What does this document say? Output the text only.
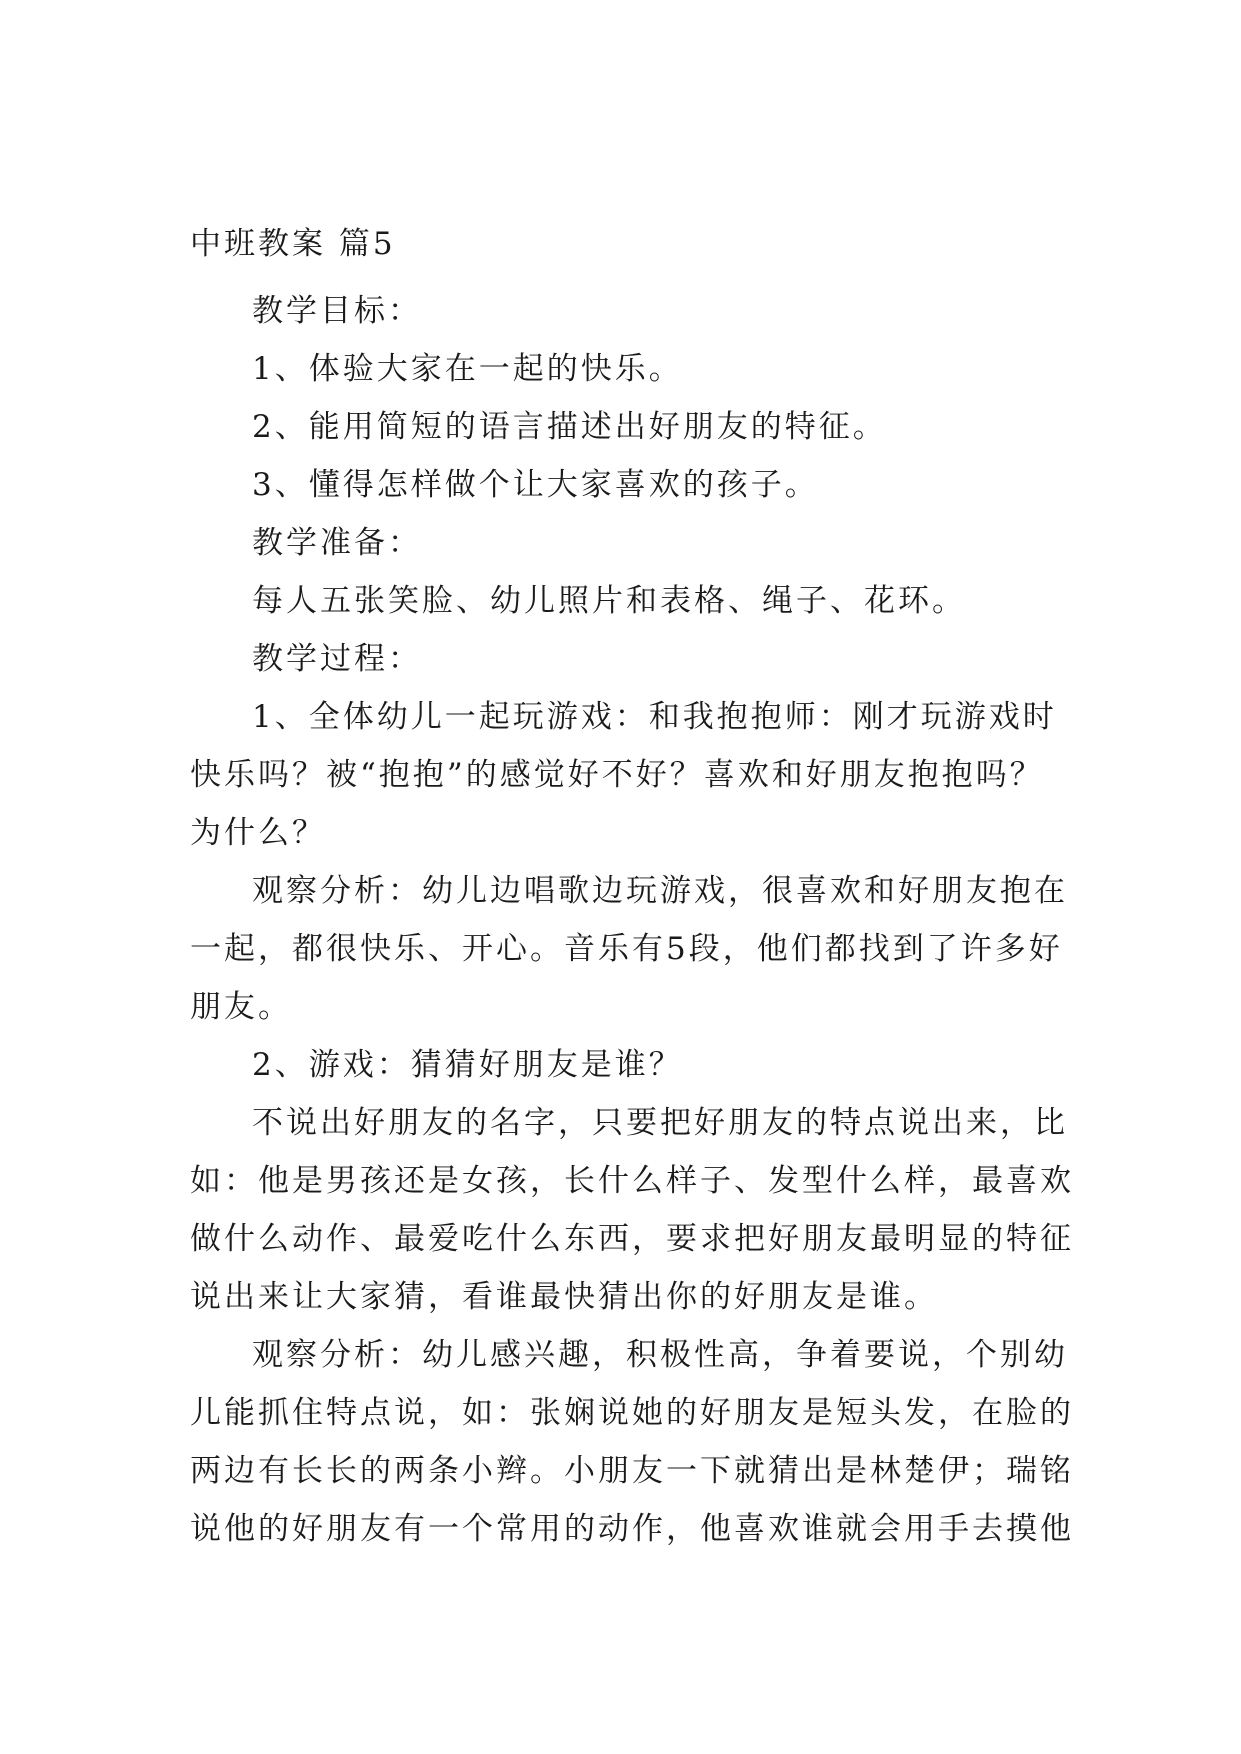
中班教案 篇5

教学目标：

1、体验大家在一起的快乐。

2、能用简短的语言描述出好朋友的特征。

3、懂得怎样做个让大家喜欢的孩子。

教学准备：

每人五张笑脸、幼儿照片和表格、绳子、花环。

教学过程：

1、全体幼儿一起玩游戏：和我抱抱师：刚才玩游戏时

快乐吗？被“抱抱”的感觉好不好？喜欢和好朋友抱抱吗？

为什么？

观察分析：幼儿边唱歌边玩游戏，很喜欢和好朋友抱在

一起，都很快乐、开心。音乐有5段，他们都找到了许多好

朋友。

2、游戏：猜猜好朋友是谁？

不说出好朋友的名字，只要把好朋友的特点说出来，比

如：他是男孩还是女孩，长什么样子、发型什么样，最喜欢

做什么动作、最爱吃什么东西，要求把好朋友最明显的特征

说出来让大家猜，看谁最快猜出你的好朋友是谁。

观察分析：幼儿感兴趣，积极性高，争着要说，个别幼

儿能抓住特点说，如：张娴说她的好朋友是短头发，在脸的

两边有长长的两条小辫。小朋友一下就猜出是林楚伊；瑞铭

说他的好朋友有一个常用的动作，他喜欢谁就会用手去摸他
